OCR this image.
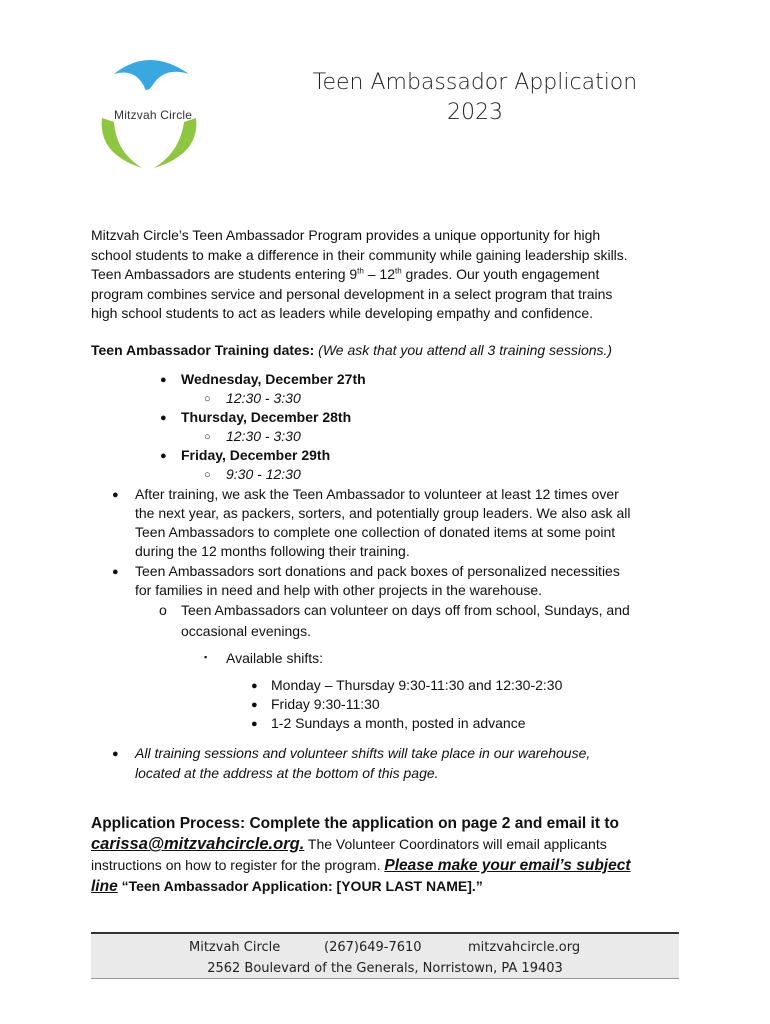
Mitzvah Circle
Teen Ambassador Application
2023
Mitzvah Circle’s Teen Ambassador Program provides a unique opportunity for high
school students to make a difference in their community while gaining leadership skills.
Teen Ambassadors are students entering 9th – 12th grades. Our youth engagement
program combines service and personal development in a select program that trains
high school students to act as leaders while developing empathy and confidence.
Teen Ambassador Training dates: (We ask that you attend all 3 training sessions.)
● Wednesday, December 27th
○ 12:30 - 3:30
● Thursday, December 28th
○ 12:30 - 3:30
● Friday, December 29th
○ 9:30 - 12:30
● After training, we ask the Teen Ambassador to volunteer at least 12 times over
the next year, as packers, sorters, and potentially group leaders. We also ask all
Teen Ambassadors to complete one collection of donated items at some point
during the 12 months following their training.
● Teen Ambassadors sort donations and pack boxes of personalized necessities
for families in need and help with other projects in the warehouse.
o Teen Ambassadors can volunteer on days off from school, Sundays, and
occasional evenings.
▪ Available shifts:
● Monday – Thursday 9:30-11:30 and 12:30-2:30
● Friday 9:30-11:30
● 1-2 Sundays a month, posted in advance
● All training sessions and volunteer shifts will take place in our warehouse,
located at the address at the bottom of this page.
Application Process: Complete the application on page 2 and email it to
carissa@mitzvahcircle.org. The Volunteer Coordinators will email applicants
instructions on how to register for the program. Please make your email’s subject
line “Teen Ambassador Application: [YOUR LAST NAME].”
Mitzvah Circle	(267)649-7610	mitzvahcircle.org
2562 Boulevard of the Generals, Norristown, PA 19403
